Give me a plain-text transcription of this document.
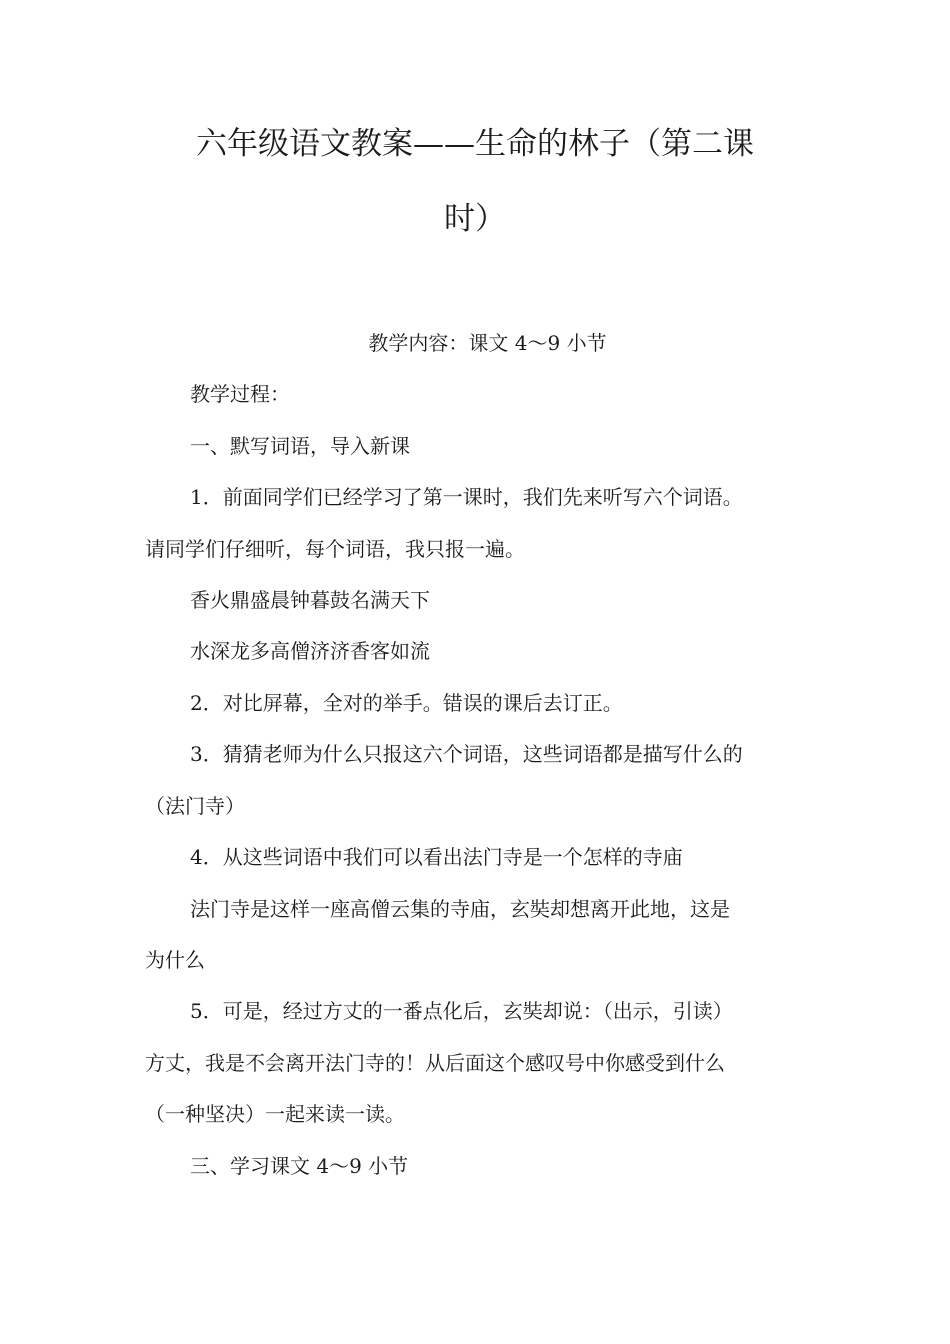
六年级语文教案——生命的林子（第二课
时）

教学内容：课文 4～9 小节

教学过程：

一、默写词语，导入新课

1．前面同学们已经学习了第一课时，我们先来听写六个词语。

请同学们仔细听，每个词语，我只报一遍。

香火鼎盛晨钟暮鼓名满天下

水深龙多高僧济济香客如流

2．对比屏幕，全对的举手。错误的课后去订正。

3．猜猜老师为什么只报这六个词语，这些词语都是描写什么的

（法门寺）

4．从这些词语中我们可以看出法门寺是一个怎样的寺庙

法门寺是这样一座高僧云集的寺庙，玄奘却想离开此地，这是

为什么

5．可是，经过方丈的一番点化后，玄奘却说：（出示，引读）

方丈，我是不会离开法门寺的！从后面这个感叹号中你感受到什么

（一种坚决）一起来读一读。

三、学习课文 4～9 小节
